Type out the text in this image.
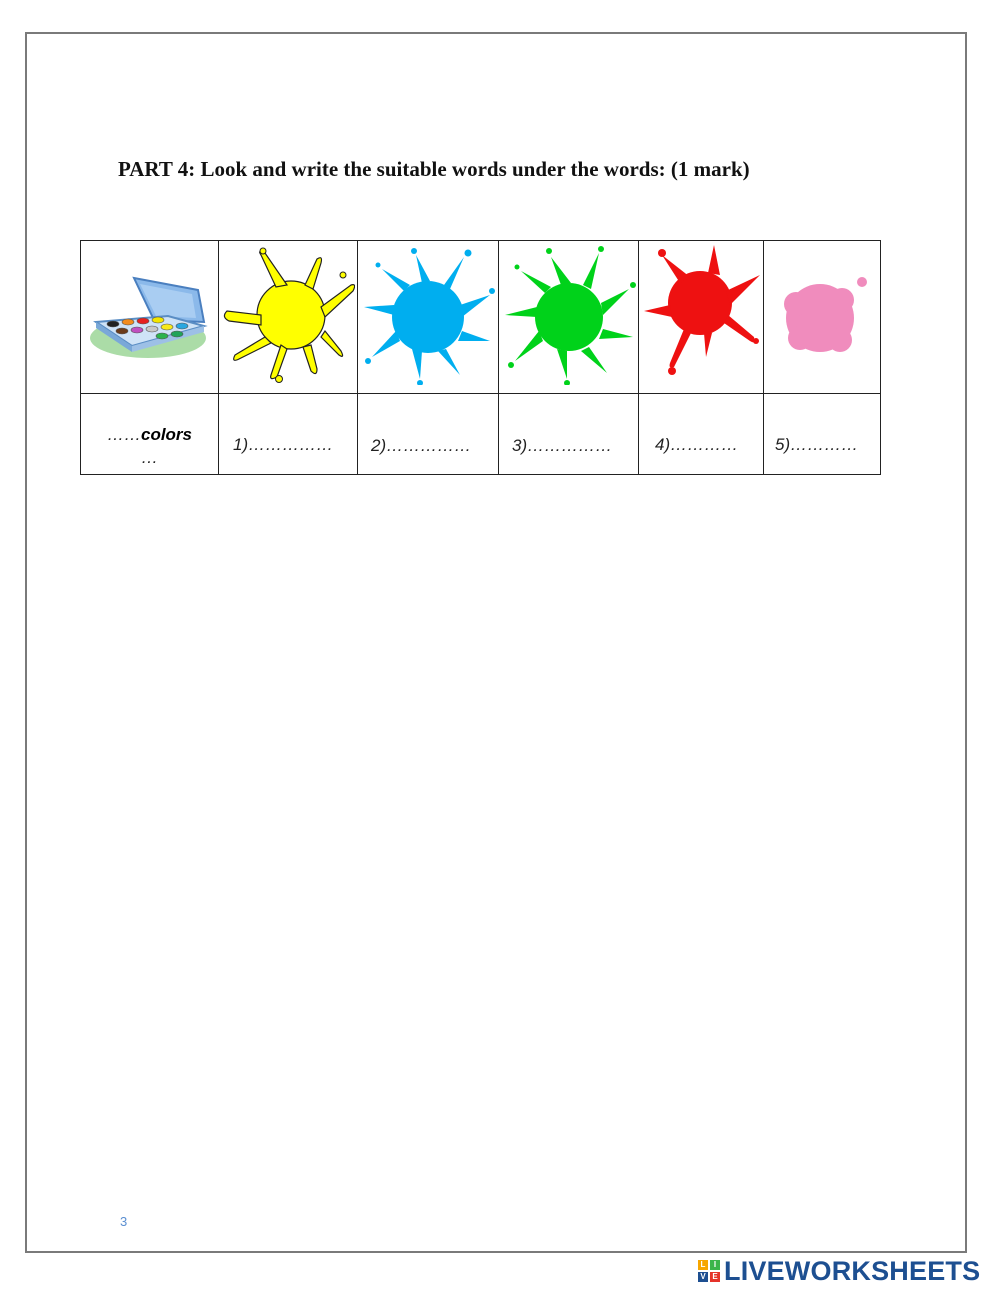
PART 4: Look and write the suitable words under the words: (1 mark)

……colors
…	1)……………	2)……………	3)……………	4)…………	5)…………
3
L	I
V E LIVEWORKSHEETS
